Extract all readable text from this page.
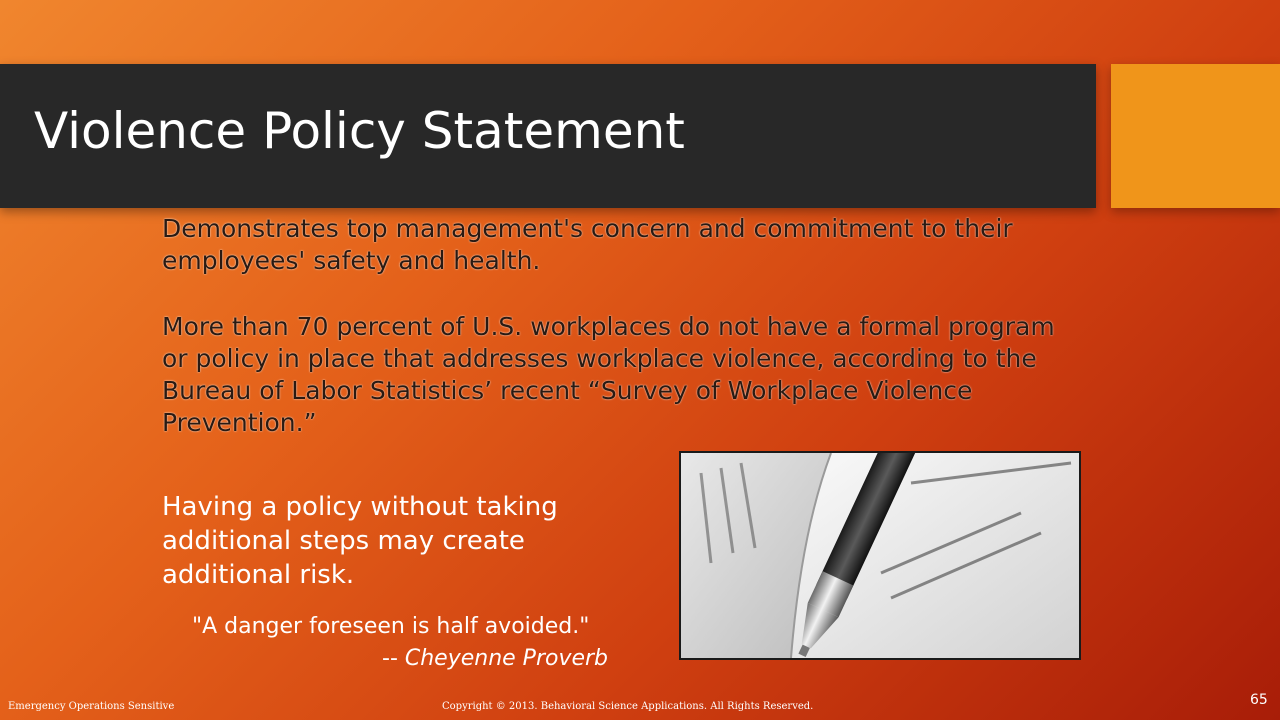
Violence Policy Statement

Demonstrates top management's concern and commitment to their employees' safety and health.

More than 70 percent of U.S. workplaces do not have a formal program or policy in place that addresses workplace violence, according to the Bureau of Labor Statistics’ recent “Survey of Workplace Violence Prevention.”

Having a policy without taking additional steps may create additional risk.

"A danger foreseen is half avoided."

-- Cheyenne Proverb

Emergency Operations Sensitive	Copyright © 2013. Behavioral Science Applications. All Rights Reserved.	65
